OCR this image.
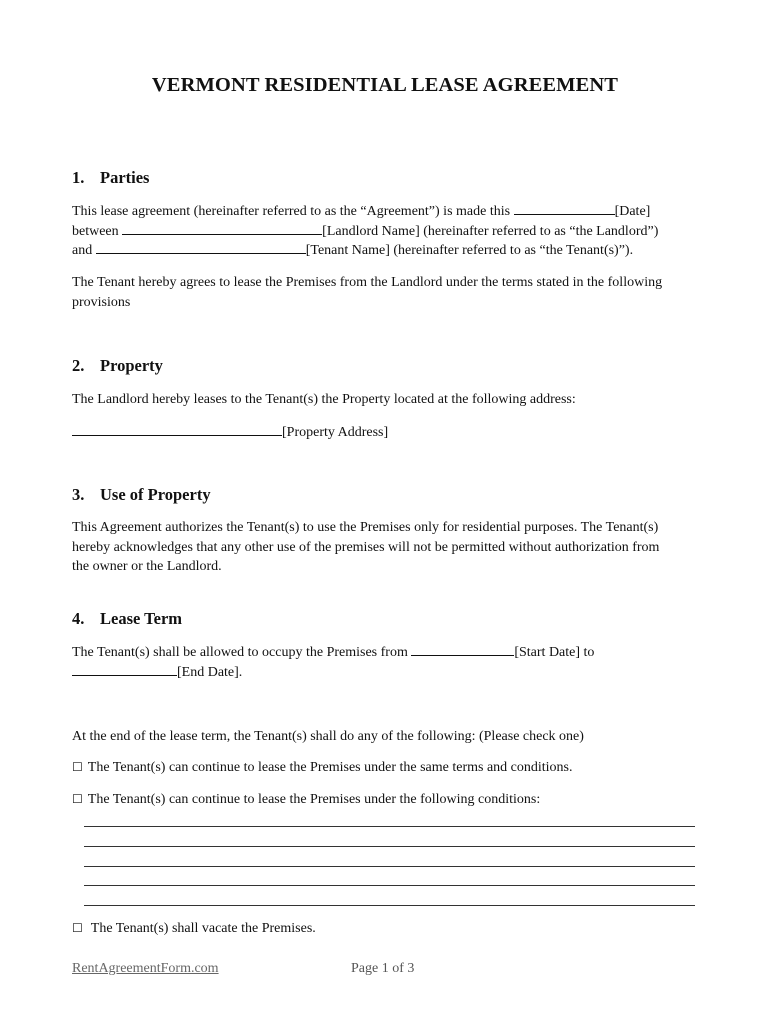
VERMONT RESIDENTIAL LEASE AGREEMENT
1. Parties
This lease agreement (hereinafter referred to as the “Agreement”) is made this	[Date]
between	[Landlord Name] (hereinafter referred to as “the Landlord”)
and	[Tenant Name] (hereinafter referred to as “the Tenant(s)”).

The Tenant hereby agrees to lease the Premises from the Landlord under the terms stated in the following provisions

2. Property

The Landlord hereby leases to the Tenant(s) the Property located at the following address:

[Property Address]
3. Use of Property

This Agreement authorizes the Tenant(s) to use the Premises only for residential purposes. The Tenant(s) hereby acknowledges that any other use of the premises will not be permitted without authorization from the owner or the Landlord.

4. Lease Term
The Tenant(s) shall be allowed to occupy the Premises from	[Start Date] to
[End Date].

At the end of the lease term, the Tenant(s) shall do any of the following: (Please check one)

☐ The Tenant(s) can continue to lease the Premises under the same terms and conditions.
☐ The Tenant(s) can continue to lease the Premises under the following conditions:
☐ The Tenant(s) shall vacate the Premises.
RentAgreementForm.com	Page 1 of 3
